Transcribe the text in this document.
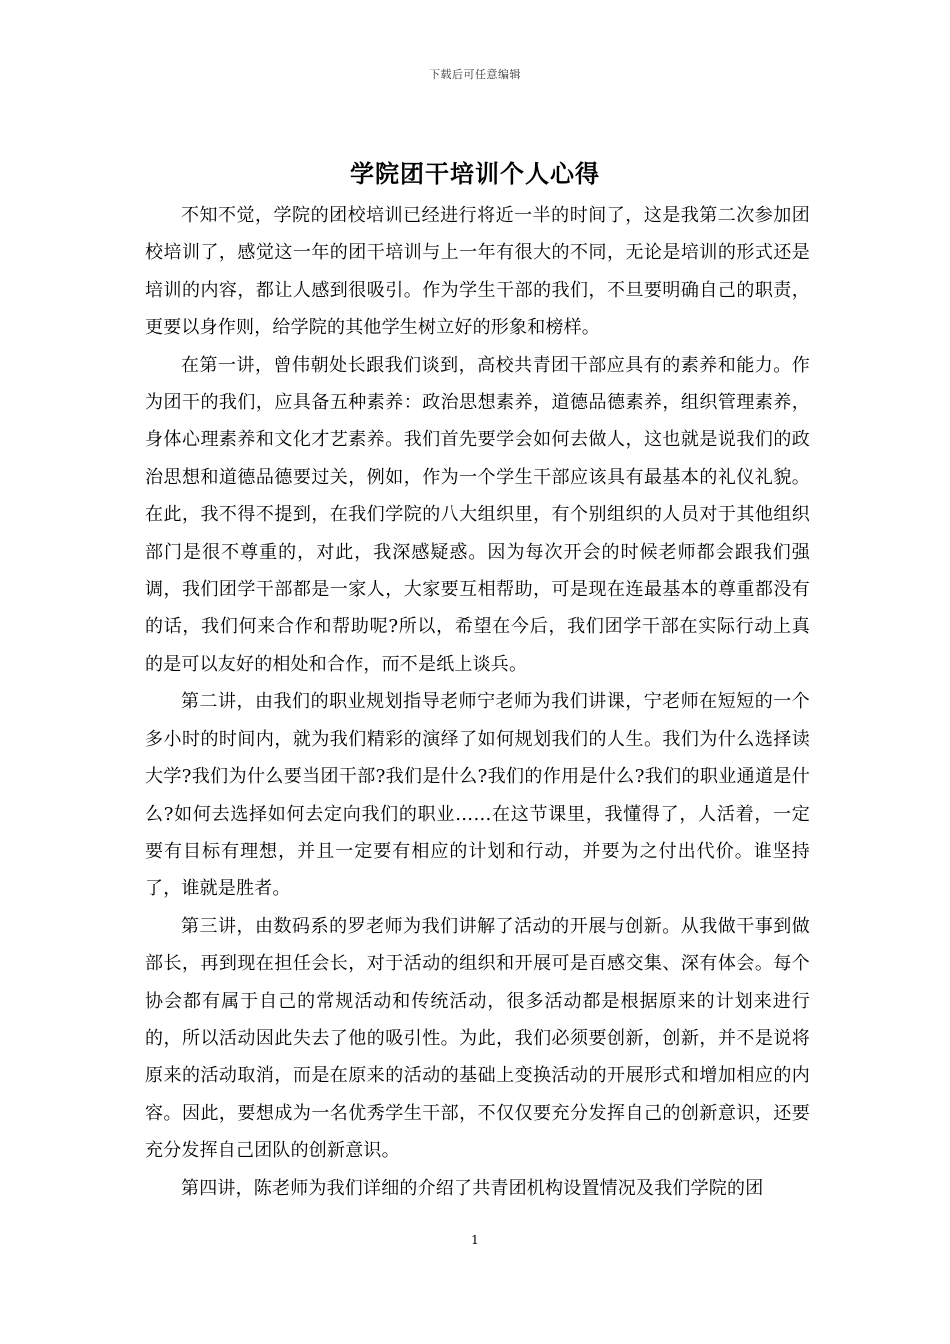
下载后可任意编辑
学院团干培训个人心得

不知不觉，学院的团校培训已经进行将近一半的时间了，这是我第二次参加团校培训了，感觉这一年的团干培训与上一年有很大的不同，无论是培训的形式还是培训的内容，都让人感到很吸引。作为学生干部的我们，不旦要明确自己的职责，更要以身作则，给学院的其他学生树立好的形象和榜样。

在第一讲，曾伟朝处长跟我们谈到，高校共青团干部应具有的素养和能力。作为团干的我们，应具备五种素养：政治思想素养，道德品德素养，组织管理素养，身体心理素养和文化才艺素养。我们首先要学会如何去做人，这也就是说我们的政治思想和道德品德要过关，例如，作为一个学生干部应该具有最基本的礼仪礼貌。在此，我不得不提到，在我们学院的八大组织里，有个别组织的人员对于其他组织部门是很不尊重的，对此，我深感疑惑。因为每次开会的时候老师都会跟我们强调，我们团学干部都是一家人，大家要互相帮助，可是现在连最基本的尊重都没有的话，我们何来合作和帮助呢?所以，希望在今后，我们团学干部在实际行动上真的是可以友好的相处和合作，而不是纸上谈兵。

第二讲，由我们的职业规划指导老师宁老师为我们讲课，宁老师在短短的一个多小时的时间内，就为我们精彩的演绎了如何规划我们的人生。我们为什么选择读大学?我们为什么要当团干部?我们是什么?我们的作用是什么?我们的职业通道是什么?如何去选择如何去定向我们的职业……在这节课里，我懂得了，人活着，一定要有目标有理想，并且一定要有相应的计划和行动，并要为之付出代价。谁坚持了，谁就是胜者。

第三讲，由数码系的罗老师为我们讲解了活动的开展与创新。从我做干事到做部长，再到现在担任会长，对于活动的组织和开展可是百感交集、深有体会。每个协会都有属于自己的常规活动和传统活动，很多活动都是根据原来的计划来进行的，所以活动因此失去了他的吸引性。为此，我们必须要创新，创新，并不是说将原来的活动取消，而是在原来的活动的基础上变换活动的开展形式和增加相应的内容。因此，要想成为一名优秀学生干部，不仅仅要充分发挥自己的创新意识，还要充分发挥自己团队的创新意识。

第四讲，陈老师为我们详细的介绍了共青团机构设置情况及我们学院的团

1
